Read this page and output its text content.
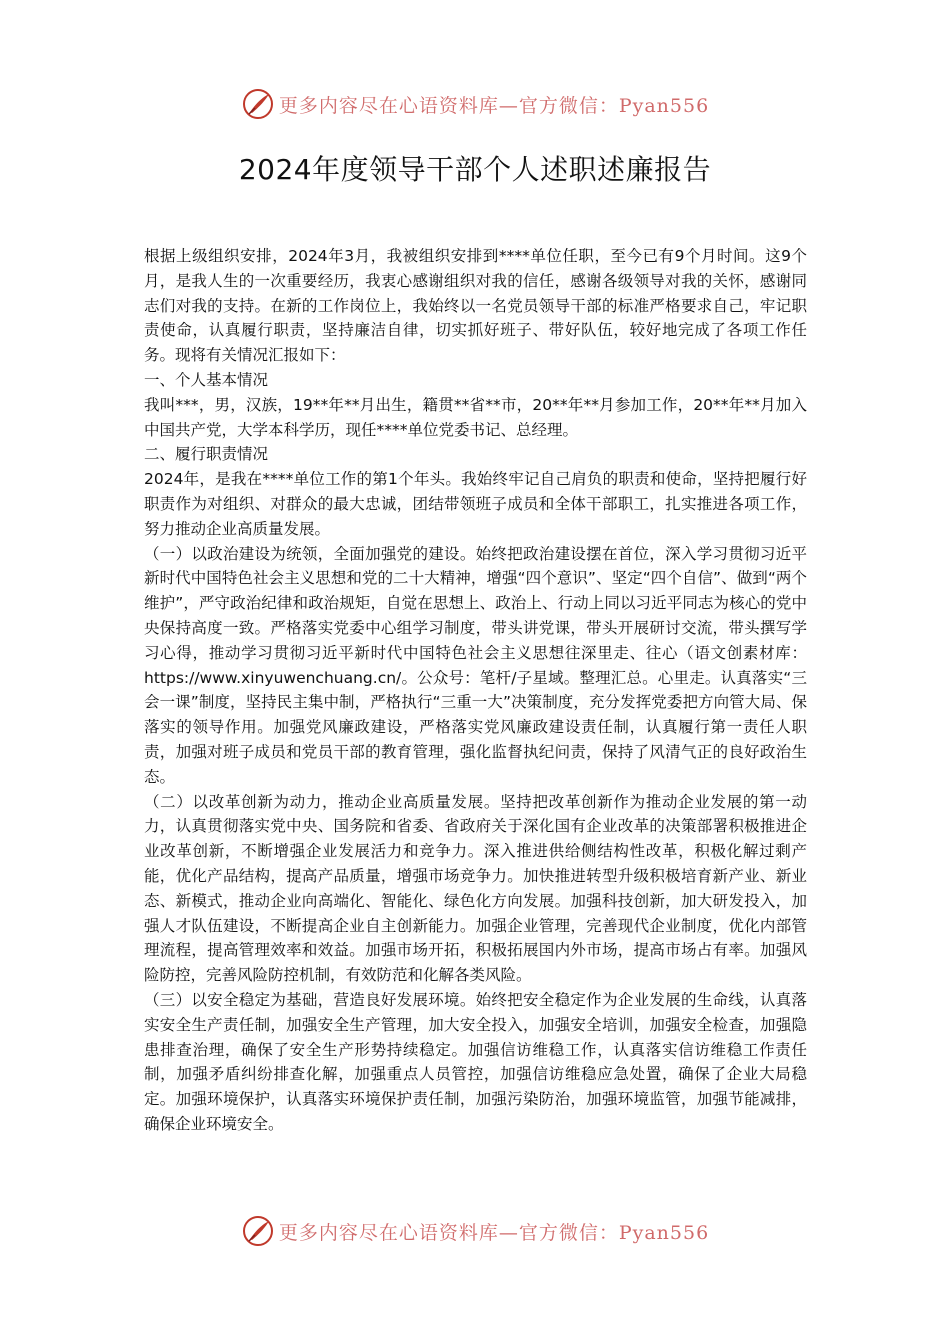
更多内容尽在心语资料库—官方微信：Pyan556
2024年度领导干部个人述职述廉报告

根据上级组织安排，2024年3月，我被组织安排到****单位任职，至今已有9个月时间。这9个月，是我人生的一次重要经历，我衷心感谢组织对我的信任，感谢各级领导对我的关怀，感谢同志们对我的支持。在新的工作岗位上，我始终以一名党员领导干部的标准严格要求自己，牢记职责使命，认真履行职责，坚持廉洁自律，切实抓好班子、带好队伍，较好地完成了各项工作任务。现将有关情况汇报如下：

一、个人基本情况

我叫***，男，汉族，19**年**月出生，籍贯**省**市，20**年**月参加工作，20**年**月加入中国共产党，大学本科学历，现任****单位党委书记、总经理。

二、履行职责情况

2024年，是我在****单位工作的第1个年头。我始终牢记自己肩负的职责和使命，坚持把履行好职责作为对组织、对群众的最大忠诚，团结带领班子成员和全体干部职工，扎实推进各项工作，努力推动企业高质量发展。

（一）以政治建设为统领，全面加强党的建设。始终把政治建设摆在首位，深入学习贯彻习近平新时代中国特色社会主义思想和党的二十大精神，增强“四个意识”、坚定“四个自信”、做到“两个维护”，严守政治纪律和政治规矩，自觉在思想上、政治上、行动上同以习近平同志为核心的党中央保持高度一致。严格落实党委中心组学习制度，带头讲党课，带头开展研讨交流，带头撰写学习心得，推动学习贯彻习近平新时代中国特色社会主义思想往深里走、往心（语文创素材库：https://www.xinyuwenchuang.cn/。公众号：笔杆/子星域。整理汇总。心里走。认真落实“三会一课”制度，坚持民主集中制，严格执行“三重一大”决策制度，充分发挥党委把方向管大局、保落实的领导作用。加强党风廉政建设，严格落实党风廉政建设责任制，认真履行第一责任人职责，加强对班子成员和党员干部的教育管理，强化监督执纪问责，保持了风清气正的良好政治生态。

（二）以改革创新为动力，推动企业高质量发展。坚持把改革创新作为推动企业发展的第一动力，认真贯彻落实党中央、国务院和省委、省政府关于深化国有企业改革的决策部署积极推进企业改革创新，不断增强企业发展活力和竞争力。深入推进供给侧结构性改革，积极化解过剩产能，优化产品结构，提高产品质量，增强市场竞争力。加快推进转型升级积极培育新产业、新业态、新模式，推动企业向高端化、智能化、绿色化方向发展。加强科技创新，加大研发投入，加强人才队伍建设，不断提高企业自主创新能力。加强企业管理，完善现代企业制度，优化内部管理流程，提高管理效率和效益。加强市场开拓，积极拓展国内外市场，提高市场占有率。加强风险防控，完善风险防控机制，有效防范和化解各类风险。

（三）以安全稳定为基础，营造良好发展环境。始终把安全稳定作为企业发展的生命线，认真落实安全生产责任制，加强安全生产管理，加大安全投入，加强安全培训，加强安全检查，加强隐患排查治理，确保了安全生产形势持续稳定。加强信访维稳工作，认真落实信访维稳工作责任制，加强矛盾纠纷排查化解，加强重点人员管控，加强信访维稳应急处置，确保了企业大局稳定。加强环境保护，认真落实环境保护责任制，加强污染防治，加强环境监管，加强节能减排，确保企业环境安全。

更多内容尽在心语资料库—官方微信：Pyan556
